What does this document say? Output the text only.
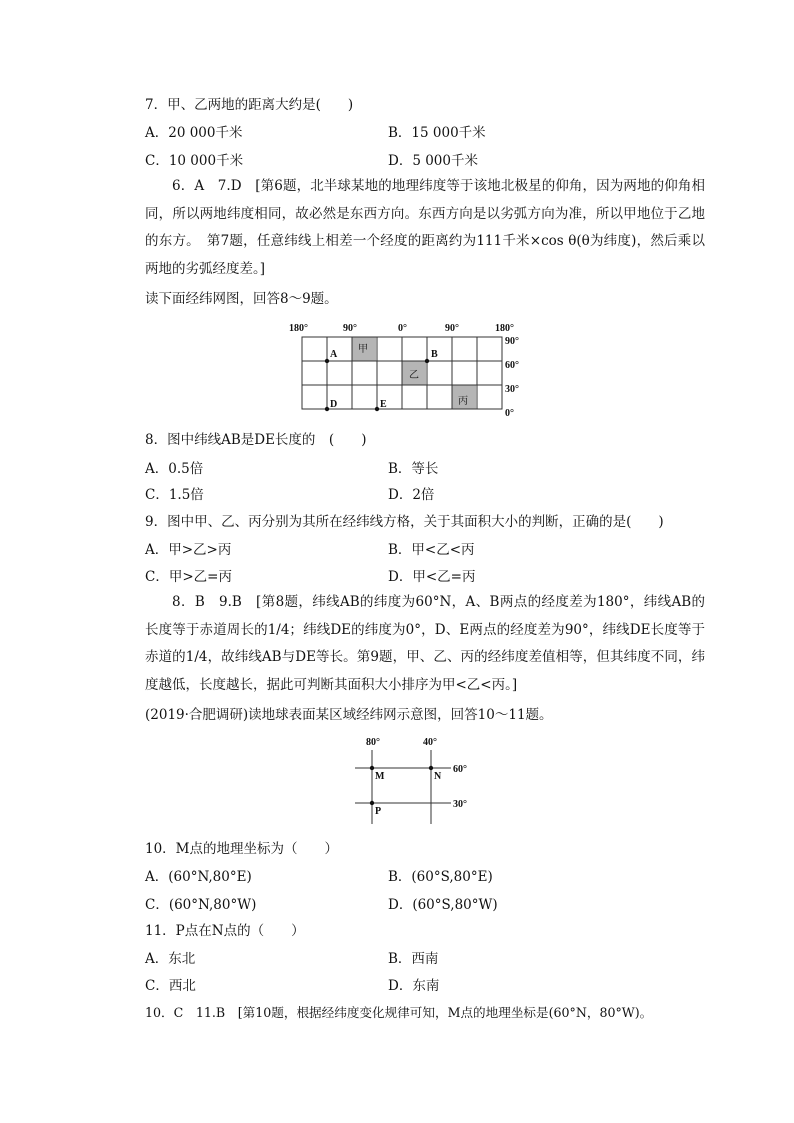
7．甲、乙两地的距离大约是(　　)
A．20 000千米	B．15 000千米
C．10 000千米	D．5 000千米
6．A　7.D　[第6题，北半球某地的地理纬度等于该地北极星的仰角，因为两地的仰角相同，所以两地纬度相同，故必然是东西方向。东西方向是以劣弧方向为准，所以甲地位于乙地的东方。　第7题，任意纬线上相差一个经度的距离约为111千米×cos θ(θ为纬度)，然后乘以两地的劣弧经度差。]
读下面经纬网图，回答8～9题。
180°	90°	0°	90°	180°
90°
60°
30°
0°
A	B
D	E
甲
乙
丙
8．图中纬线AB是DE长度的　(　　)
A．0.5倍	B．等长
C．1.5倍	D．2倍
9．图中甲、乙、丙分别为其所在经纬线方格，关于其面积大小的判断，正确的是(　　)
A．甲>乙>丙	B．甲<乙<丙
C．甲>乙=丙	D．甲<乙=丙
8．B　9.B　[第8题，纬线AB的纬度为60°N，A、B两点的经度差为180°，纬线AB的长度等于赤道周长的1/4；纬线DE的纬度为0°，D、E两点的经度差为90°，纬线DE长度等于赤道的1/4，故纬线AB与DE等长。第9题，甲、乙、丙的经纬度差值相等，但其纬度不同，纬度越低，长度越长，据此可判断其面积大小排序为甲<乙<丙。]
(2019·合肥调研)读地球表面某区域经纬网示意图，回答10～11题。
80°	40°
60°
30°
M	N
P
10．M点的地理坐标为（　　）
A．(60°N,80°E)	B．(60°S,80°E)
C．(60°N,80°W)	D．(60°S,80°W)
11．P点在N点的（　　）
A．东北	B．西南
C．西北	D．东南
10．C　11.B　[第10题，根据经纬度变化规律可知，M点的地理坐标是(60°N，80°W)。
